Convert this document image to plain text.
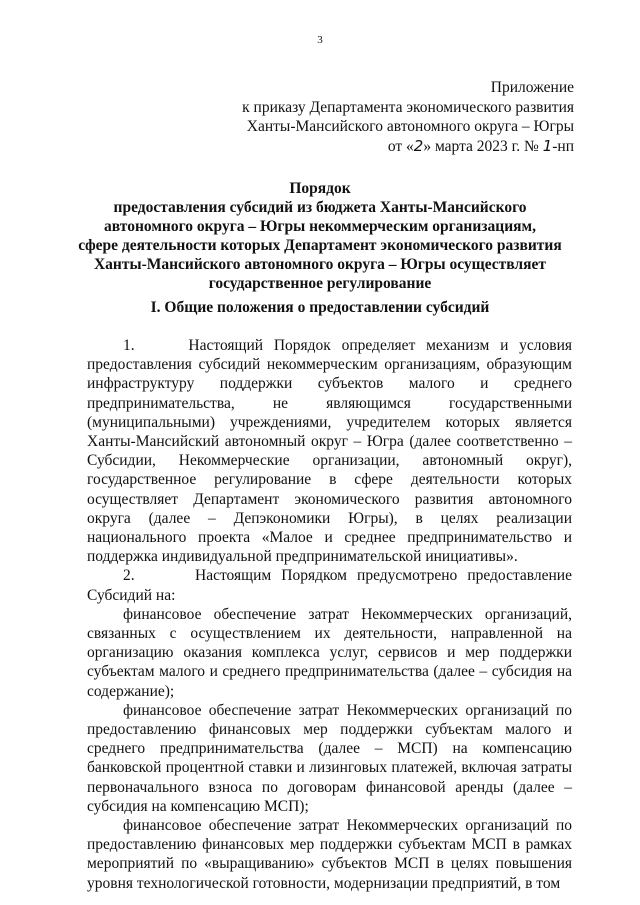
3
Приложение
к приказу Департамента экономического развития
Ханты-Мансийского автономного округа – Югры
от «2» марта 2023 г. № 1-нп
Порядок
предоставления субсидий из бюджета Ханты-Мансийского
автономного округа – Югры некоммерческим организациям,
сфере деятельности которых Департамент экономического развития
Ханты-Мансийского автономного округа – Югры осуществляет
государственное регулирование
I. Общие положения о предоставлении субсидий

1.     Настоящий Порядок определяет механизм и условия предоставления субсидий некоммерческим организациям, образующим инфраструктуру поддержки субъектов малого и среднего предпринимательства, не являющимся государственными (муниципальными) учреждениями, учредителем которых является Ханты-Мансийский автономный округ – Югра (далее соответственно – Субсидии, Некоммерческие организации, автономный округ), государственное регулирование в сфере деятельности которых осуществляет Департамент экономического развития автономного округа (далее – Депэкономики Югры), в целях реализации национального проекта «Малое и среднее предпринимательство и поддержка индивидуальной предпринимательской инициативы».

2.      Настоящим Порядком предусмотрено предоставление Субсидий на:

финансовое обеспечение затрат Некоммерческих организаций, связанных с осуществлением их деятельности, направленной на организацию оказания комплекса услуг, сервисов и мер поддержки субъектам малого и среднего предпринимательства (далее – субсидия на содержание);

финансовое обеспечение затрат Некоммерческих организаций по предоставлению финансовых мер поддержки субъектам малого и среднего предпринимательства (далее – МСП) на компенсацию банковской процентной ставки и лизинговых платежей, включая затраты первоначального взноса по договорам финансовой аренды (далее – субсидия на компенсацию МСП);

финансовое обеспечение затрат Некоммерческих организаций по предоставлению финансовых мер поддержки субъектам МСП в рамках мероприятий по «выращиванию» субъектов МСП в целях повышения уровня технологической готовности, модернизации предприятий, в том
